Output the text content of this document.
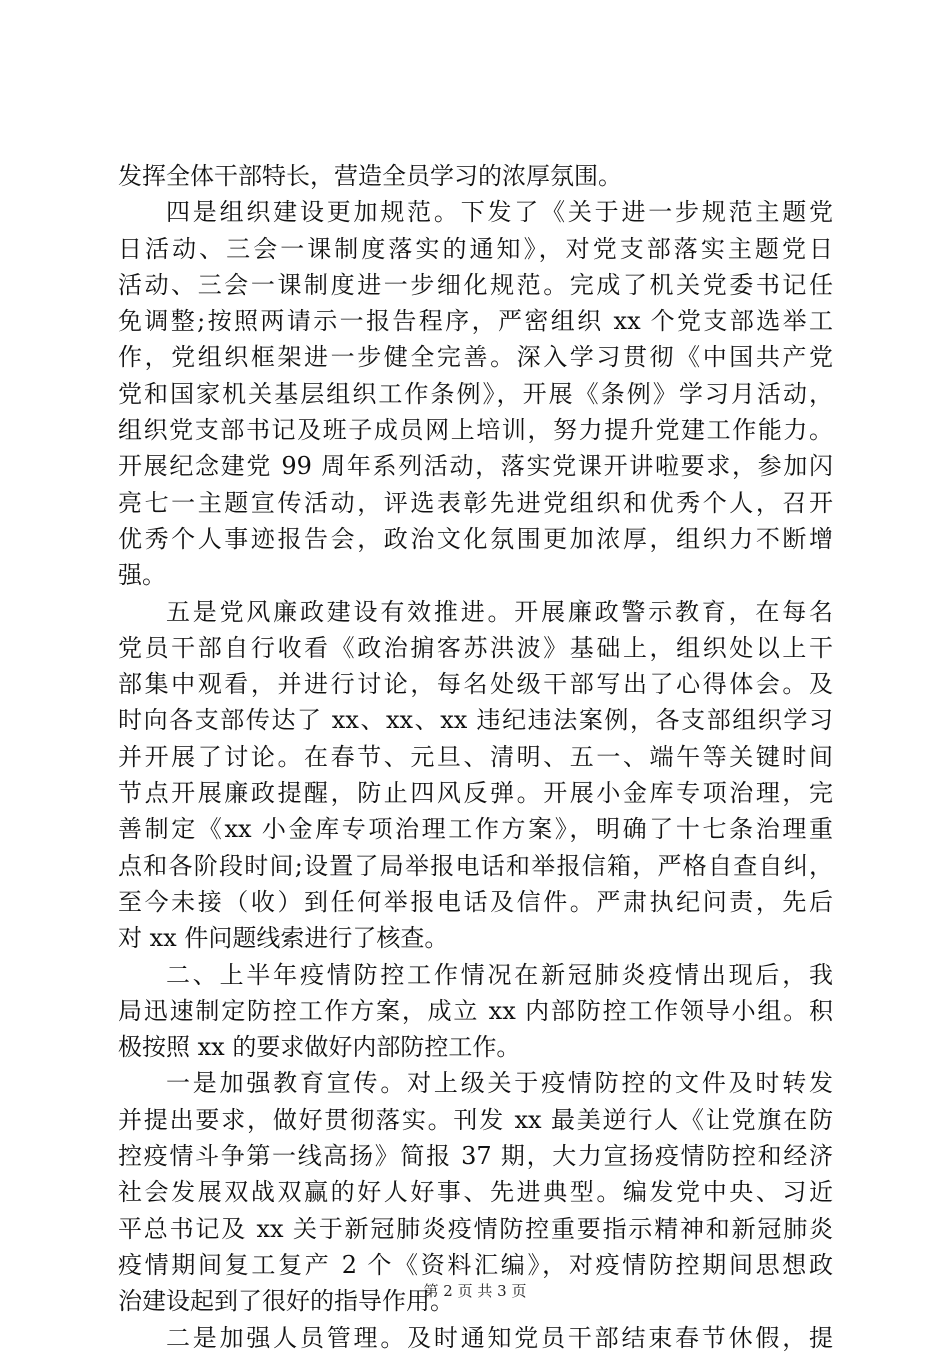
发挥全体干部特长，营造全员学习的浓厚氛围。
四是组织建设更加规范。下发了《关于进一步规范主题党
日活动、三会一课制度落实的通知》，对党支部落实主题党日
活动、三会一课制度进一步细化规范。完成了机关党委书记任
免调整;按照两请示一报告程序，严密组织 xx 个党支部选举工
作，党组织框架进一步健全完善。深入学习贯彻《中国共产党
党和国家机关基层组织工作条例》，开展《条例》学习月活动，
组织党支部书记及班子成员网上培训，努力提升党建工作能力。
开展纪念建党 99 周年系列活动，落实党课开讲啦要求，参加闪
亮七一主题宣传活动，评选表彰先进党组织和优秀个人，召开
优秀个人事迹报告会，政治文化氛围更加浓厚，组织力不断增
强。
五是党风廉政建设有效推进。开展廉政警示教育，在每名
党员干部自行收看《政治掮客苏洪波》基础上，组织处以上干
部集中观看，并进行讨论，每名处级干部写出了心得体会。及
时向各支部传达了 xx、xx、xx 违纪违法案例，各支部组织学习
并开展了讨论。在春节、元旦、清明、五一、端午等关键时间
节点开展廉政提醒，防止四风反弹。开展小金库专项治理，完
善制定《xx 小金库专项治理工作方案》，明确了十七条治理重
点和各阶段时间;设置了局举报电话和举报信箱，严格自查自纠，
至今未接（收）到任何举报电话及信件。严肃执纪问责，先后
对 xx 件问题线索进行了核查。
二、上半年疫情防控工作情况在新冠肺炎疫情出现后，我
局迅速制定防控工作方案，成立 xx 内部防控工作领导小组。积
极按照 xx 的要求做好内部防控工作。
一是加强教育宣传。对上级关于疫情防控的文件及时转发
并提出要求，做好贯彻落实。刊发 xx 最美逆行人《让党旗在防
控疫情斗争第一线高扬》简报 37 期，大力宣扬疫情防控和经济
社会发展双战双赢的好人好事、先进典型。编发党中央、习近
平总书记及 xx 关于新冠肺炎疫情防控重要指示精神和新冠肺炎
疫情期间复工复产 2 个《资料汇编》，对疫情防控期间思想政
治建设起到了很好的指导作用。
二是加强人员管理。及时通知党员干部结束春节休假，提
第 2 页 共 3 页
